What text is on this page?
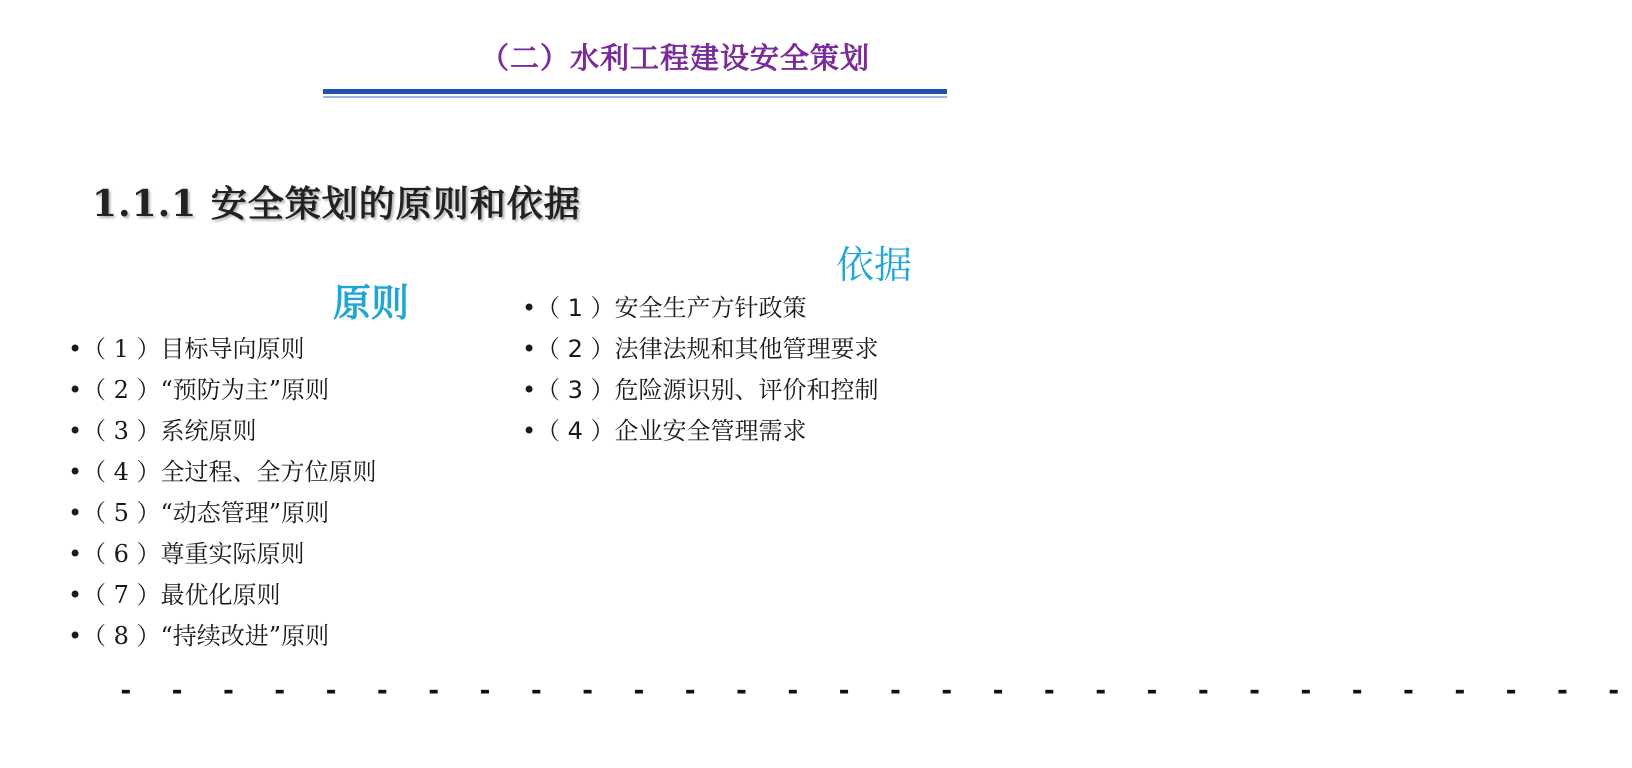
（二）水利工程建设安全策划
1.1.1 安全策划的原则和依据
原则
•（ 1 ）目标导向原则
•（ 2 ）“预防为主”原则
•（ 3 ）系统原则
•（ 4 ）全过程、全方位原则
•（ 5 ）“动态管理”原则
•（ 6 ）尊重实际原则
•（ 7 ）最优化原则
•（ 8 ）“持续改进”原则
依据
•（ 1 ）安全生产方针政策
•（ 2 ）法律法规和其他管理要求
•（ 3 ）危险源识别、评价和控制
•（ 4 ）企业安全管理需求
- - - - - - - - - - - - - - - - - - - - - - - - - - - - - -
